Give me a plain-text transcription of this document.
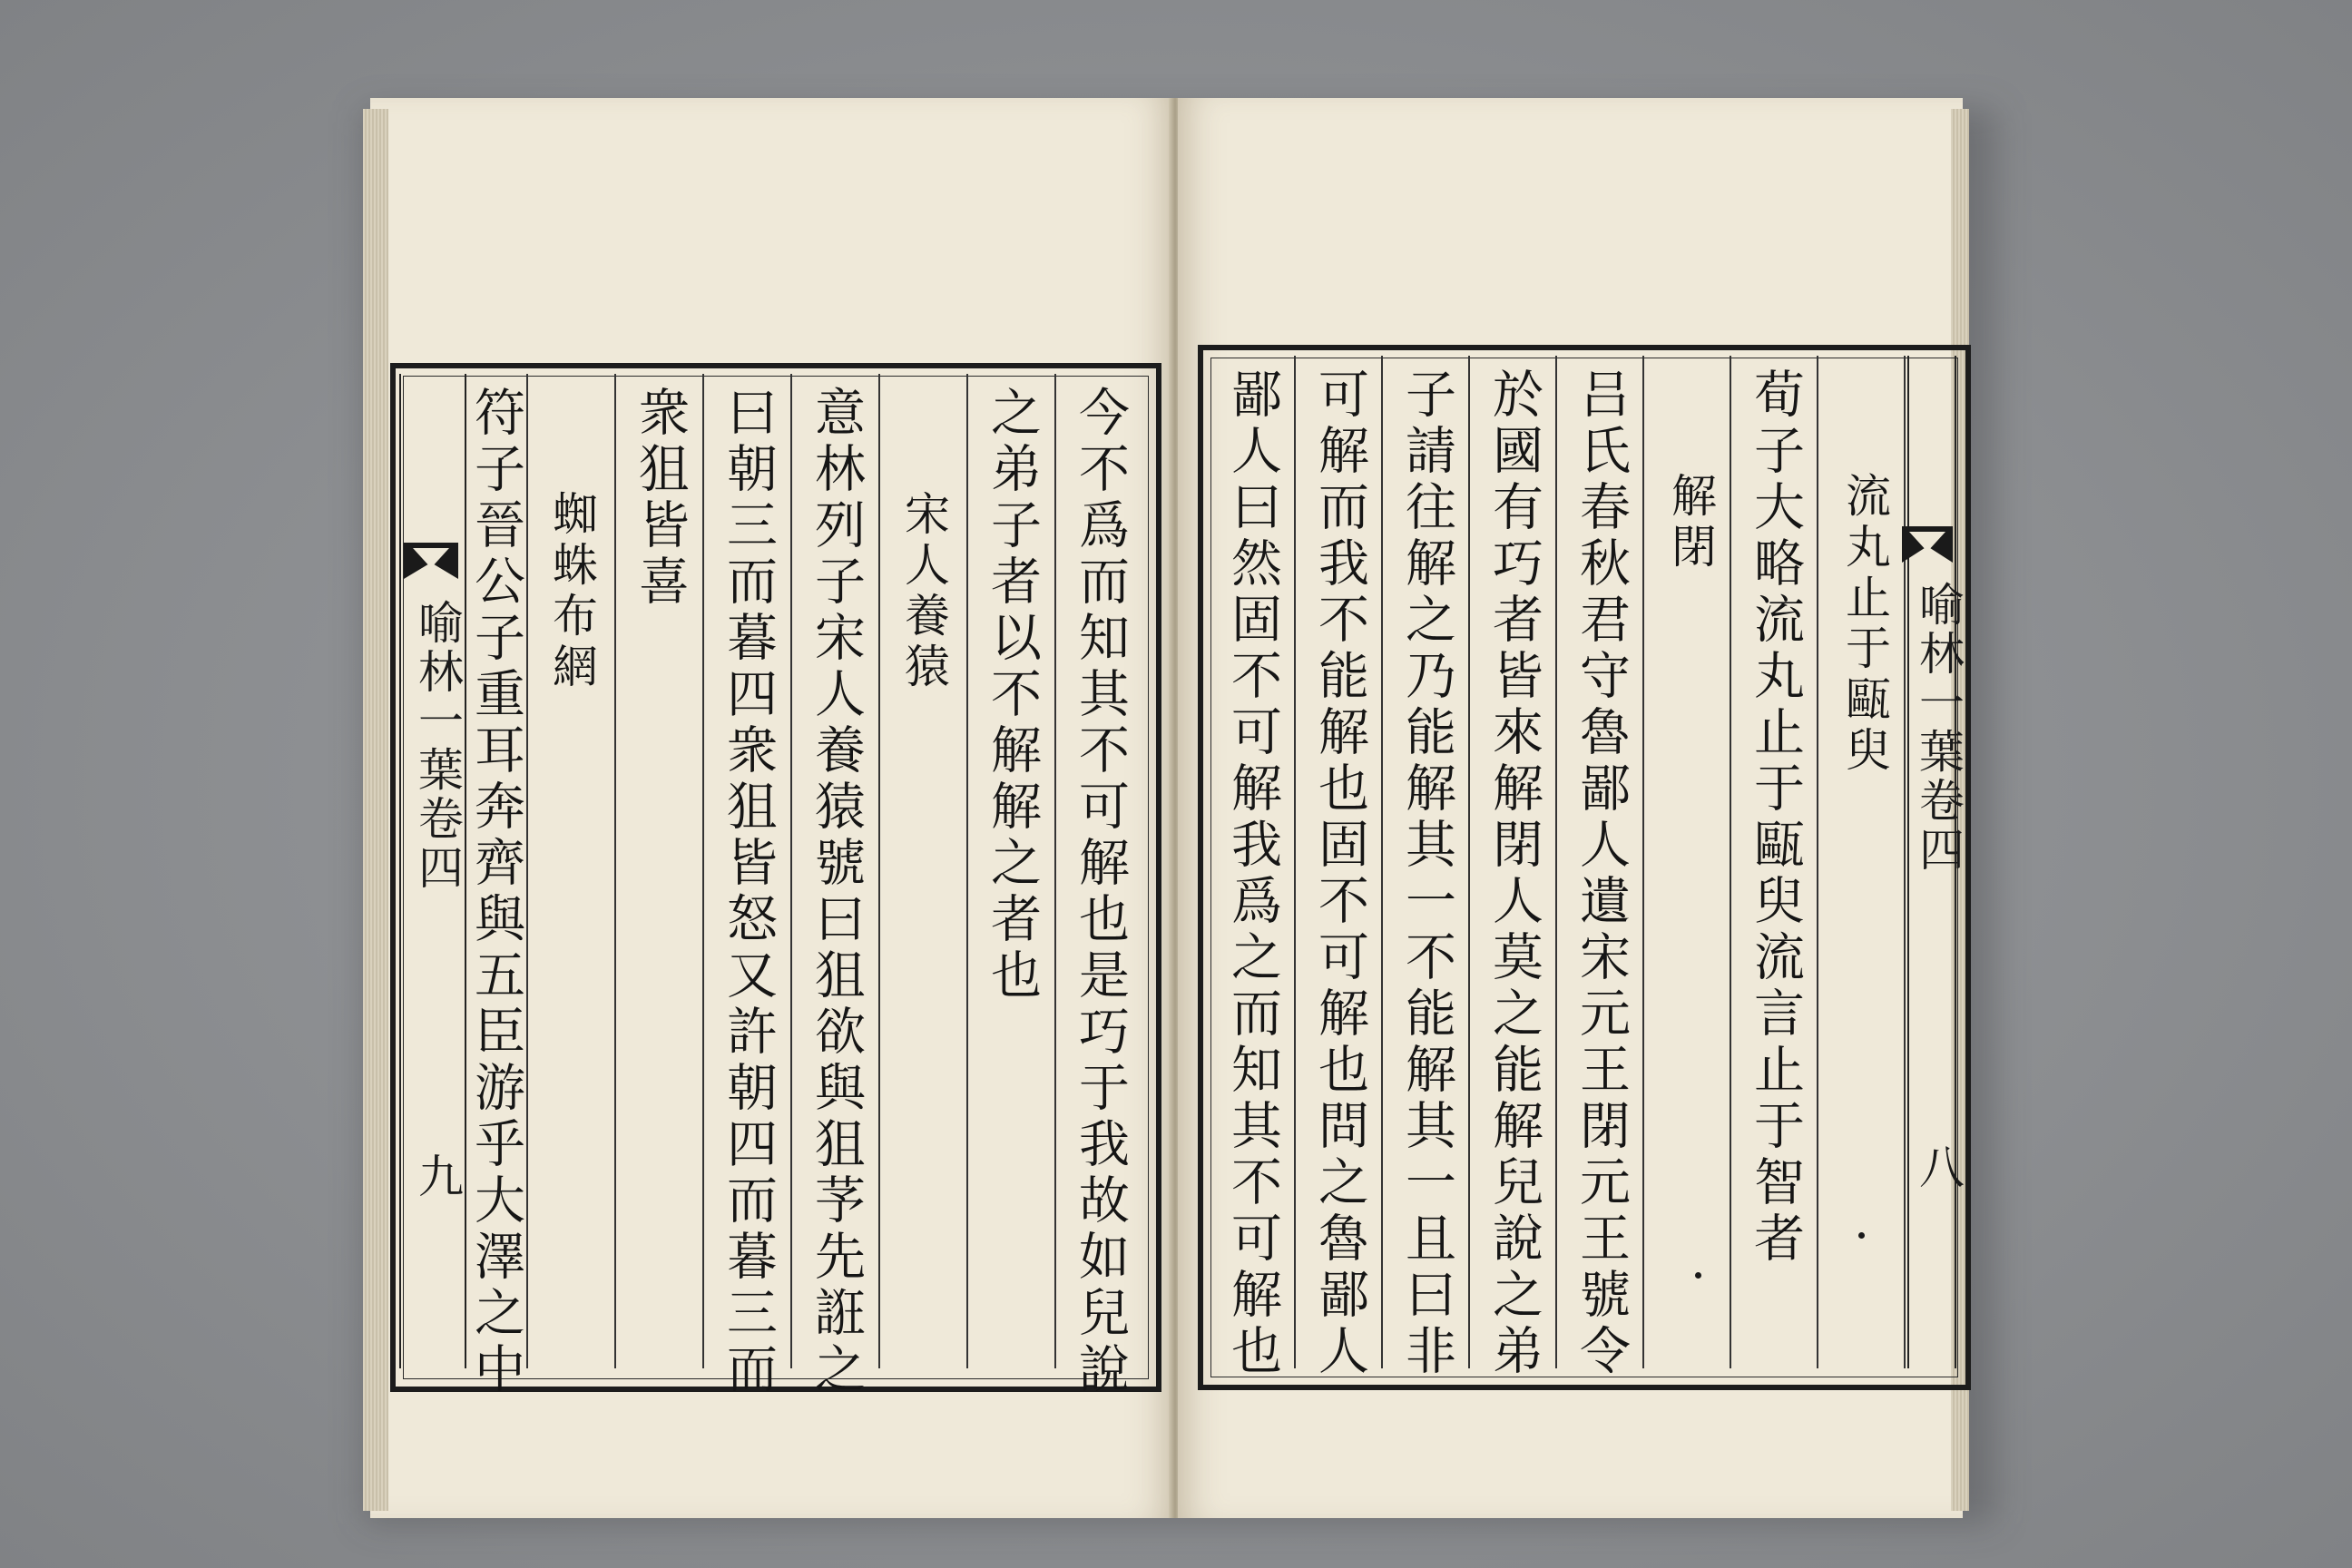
喻林一葉卷四
九	今不爲而知其不可解也是巧于我故如兒說
之弟子者以不解解之者也
宋人養猿
意林列子宋人養猿號曰狙欲與狙芧先誑之
曰朝三而暮四衆狙皆怒又許朝四而暮三而
衆狙皆喜
蜘蛛布網
符子晉公子重耳奔齊與五臣游乎大澤之中	喻林一葉卷四
八
流丸止于甌臾
荀子大略流丸止于甌臾流言止于智者
解閉
吕氏春秋君守魯鄙人遺宋元王閉元王號令
於國有巧者皆來解閉人莫之能解兒說之弟
子請往解之乃能解其一不能解其一且曰非
可解而我不能解也固不可解也問之魯鄙人
鄙人曰然固不可解我爲之而知其不可解也
